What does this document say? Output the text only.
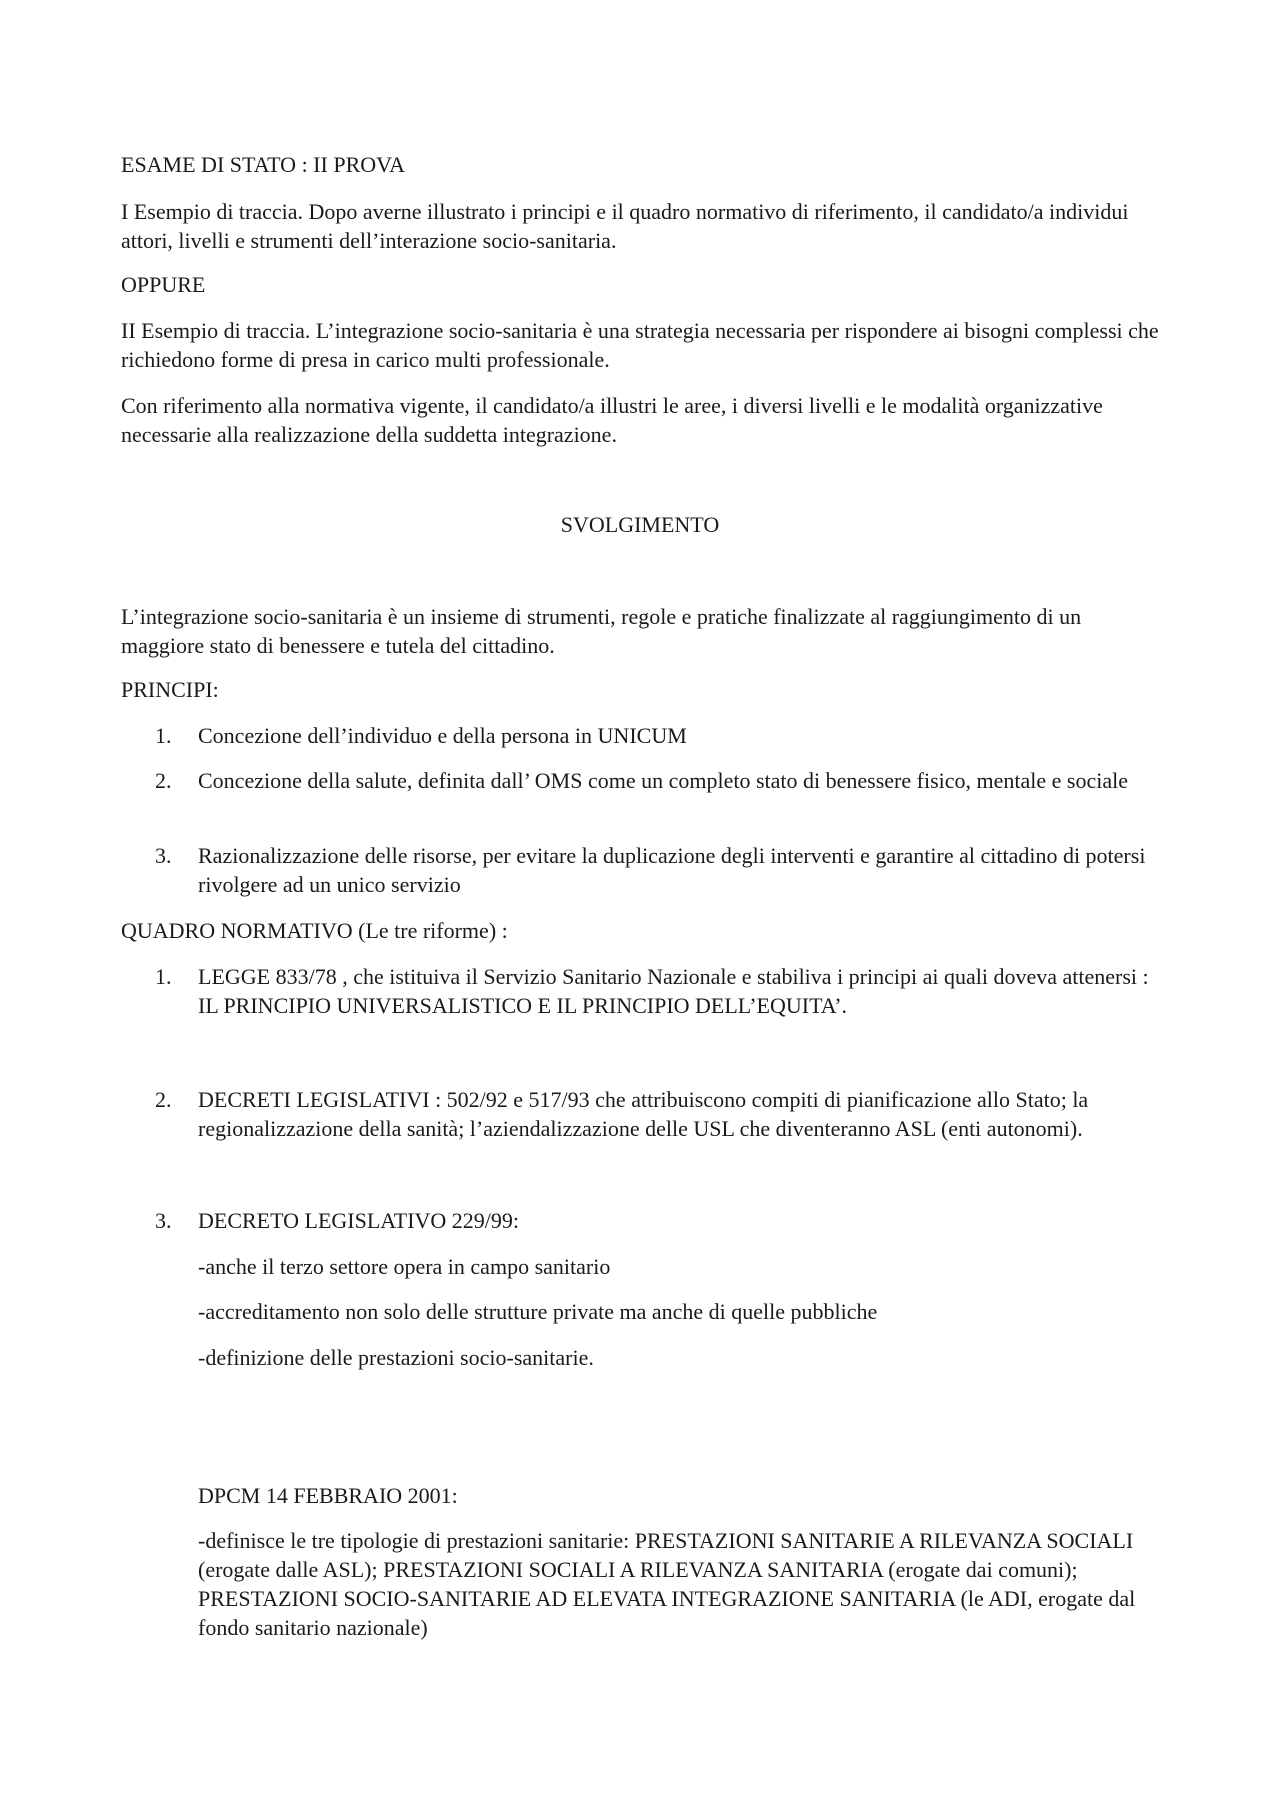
ESAME DI STATO : II PROVA

I Esempio di traccia. Dopo averne illustrato i principi e il quadro normativo di riferimento, il candidato/a individui attori, livelli e strumenti dell’interazione socio-sanitaria.

OPPURE

II Esempio di traccia. L’integrazione socio-sanitaria è una strategia necessaria per rispondere ai bisogni complessi che richiedono forme di presa in carico multi professionale.

Con riferimento alla normativa vigente, il candidato/a illustri le aree, i diversi livelli e le modalità organizzative necessarie alla realizzazione della suddetta integrazione.

SVOLGIMENTO

L’integrazione socio-sanitaria è un insieme di strumenti, regole e pratiche finalizzate al raggiungimento di un maggiore stato di benessere e tutela del cittadino.

PRINCIPI:

1.	Concezione dell’individuo e della persona in UNICUM

2.	Concezione della salute, definita dall’ OMS come un completo stato di benessere fisico, mentale e sociale

3.	Razionalizzazione delle risorse, per evitare la duplicazione degli interventi e garantire al cittadino di potersi rivolgere ad un unico servizio

QUADRO NORMATIVO (Le tre riforme) :

1.	LEGGE 833/78 , che istituiva il Servizio Sanitario Nazionale e stabiliva i principi ai quali doveva attenersi : IL PRINCIPIO UNIVERSALISTICO E IL PRINCIPIO DELL’EQUITA’.

2.	DECRETI LEGISLATIVI : 502/92 e 517/93 che attribuiscono compiti di pianificazione allo Stato; la regionalizzazione della sanità; l’aziendalizzazione delle USL che diventeranno ASL (enti autonomi).

3.	DECRETO LEGISLATIVO 229/99:

-anche il terzo settore opera in campo sanitario

-accreditamento non solo delle strutture private ma anche di quelle pubbliche

-definizione delle prestazioni socio-sanitarie.

DPCM 14 FEBBRAIO 2001:

-definisce le tre tipologie di prestazioni sanitarie: PRESTAZIONI SANITARIE A RILEVANZA SOCIALI (erogate dalle ASL); PRESTAZIONI SOCIALI A RILEVANZA SANITARIA (erogate dai comuni); PRESTAZIONI SOCIO-SANITARIE AD ELEVATA INTEGRAZIONE SANITARIA (le ADI, erogate dal fondo sanitario nazionale)
